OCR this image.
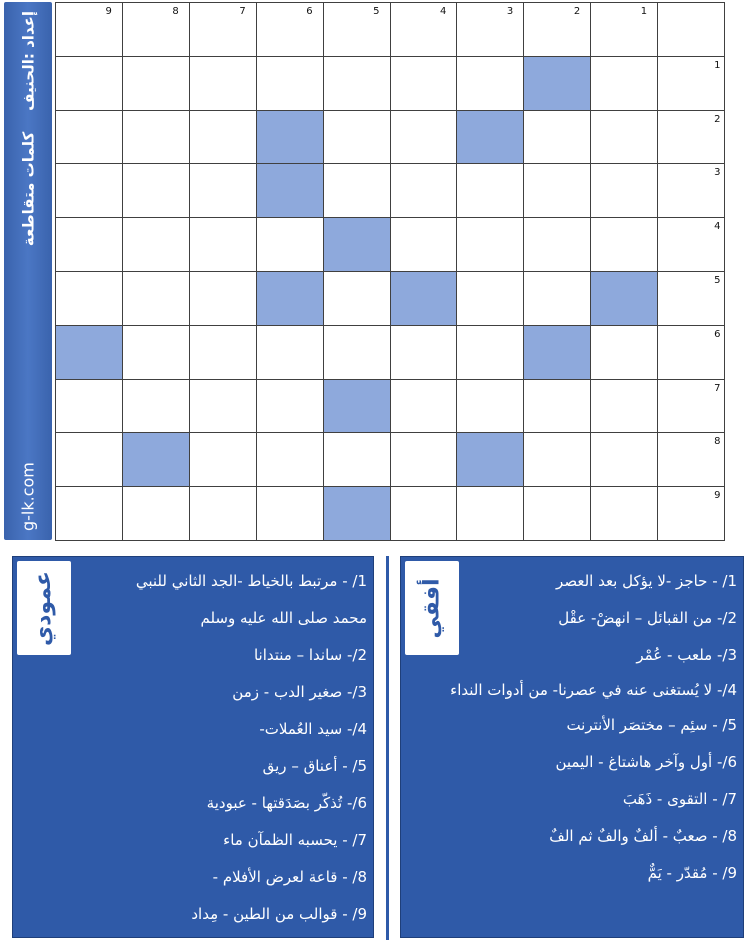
g-lk.com
إعداد :الحنيف    كلمات متقاطعة
9	8	7	6	5	4	3	2	1
1
2
3
4
5
6
7
8
9
عمودي	1/ - مرتبط بالخياط -الجد الثاني للنبي
محمد صلى الله عليه وسلم
2/- ساندا – منتدانا
3/- صغير الدب - زمن
4/- سيد العُملات-
5/ - أعناق – ريق
6/- تُذكّر بصَدَقتها - عبودية
7/ - يحسبه الظمآن ماء
8/ - قاعة لعرض الأفلام -
9/ - قوالب من الطين - مِداد
أفقي	1/ - حاجز -لا يؤكل بعد العصر
2/- من القبائل – انهضْ- عقْل
3/- ملعب - عُمْر
4/- لا يُستغنى عنه في عصرنا- من أدوات النداء
5/ - سئِم – مختصَر الأنترنت
6/- أول وآخر هاشتاغ - اليمين
7/ - التقوى - ذَهَبَ
8/ - صعبٌ - ألفٌ والفٌ ثم الفٌ
9/ - مُقدّر - يَمٌّ
